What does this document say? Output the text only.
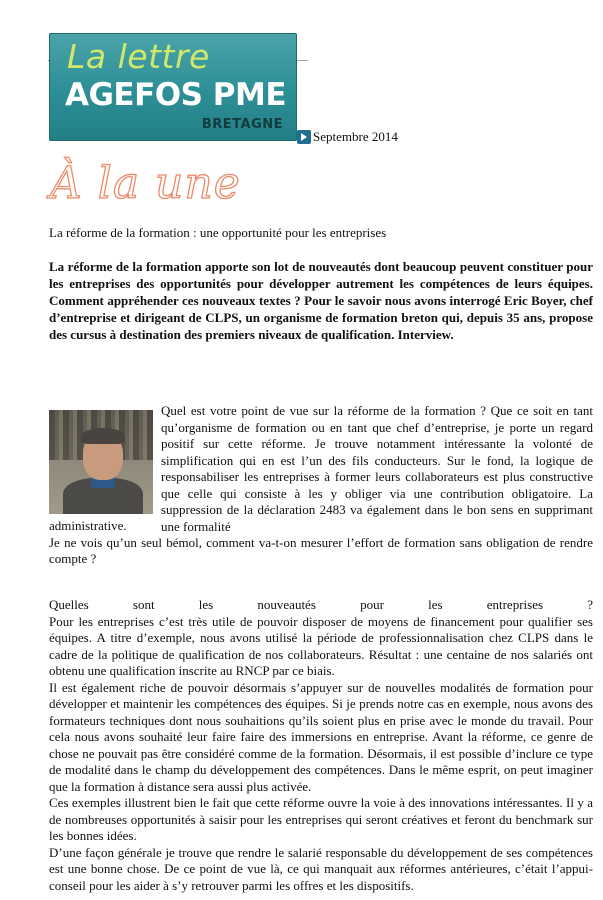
La lettre
AGEFOS PME
BRETAGNE
Septembre 2014
À la une
La réforme de la formation : une opportunité pour les entreprises
La réforme de la formation apporte son lot de nouveautés dont beaucoup peuvent constituer pour les entreprises des opportunités pour développer autrement les compétences de leurs équipes. Comment appréhender ces nouveaux textes ? Pour le savoir nous avons interrogé Eric Boyer, chef d’entreprise et dirigeant de CLPS, un organisme de formation breton qui, depuis 35 ans, propose des cursus à destination des premiers niveaux de qualification. Interview.
Quel est votre point de vue sur la réforme de la formation ? Que ce soit en tant qu’organisme de formation ou en tant que chef d’entreprise, je porte un regard positif sur cette réforme. Je trouve notamment intéressante la volonté de simplification qui en est l’un des fils conducteurs. Sur le fond, la logique de responsabiliser les entreprises à former leurs collaborateurs est plus constructive que celle qui consiste à les y obliger via une contribution obligatoire. La suppression de la déclaration 2483 va également dans le bon sens en supprimant une formalité
administrative.
Je ne vois qu’un seul bémol, comment va-t-on mesurer l’effort de formation sans obligation de rendre compte ?

Quelles sont les nouveautés pour les entreprises ?

Pour les entreprises c’est très utile de pouvoir disposer de moyens de financement pour qualifier ses équipes. A titre d’exemple, nous avons utilisé la période de professionnalisation chez CLPS dans le cadre de la politique de qualification de nos collaborateurs. Résultat : une centaine de nos salariés ont obtenu une qualification inscrite au RNCP par ce biais.

Il est également riche de pouvoir désormais s’appuyer sur de nouvelles modalités de formation pour développer et maintenir les compétences des équipes. Si je prends notre cas en exemple, nous avons des formateurs techniques dont nous souhaitions qu’ils soient plus en prise avec le monde du travail. Pour cela nous avons souhaité leur faire faire des immersions en entreprise. Avant la réforme, ce genre de chose ne pouvait pas être considéré comme de la formation. Désormais, il est possible d’inclure ce type de modalité dans le champ du développement des compétences. Dans le même esprit, on peut imaginer que la formation à distance sera aussi plus activée.

Ces exemples illustrent bien le fait que cette réforme ouvre la voie à des innovations intéressantes. Il y a de nombreuses opportunités à saisir pour les entreprises qui seront créatives et feront du benchmark sur les bonnes idées.

D’une façon générale je trouve que rendre le salarié responsable du développement de ses compétences est une bonne chose. De ce point de vue là, ce qui manquait aux réformes antérieures, c’était l’appui-conseil pour les aider à s’y retrouver parmi les offres et les dispositifs.
